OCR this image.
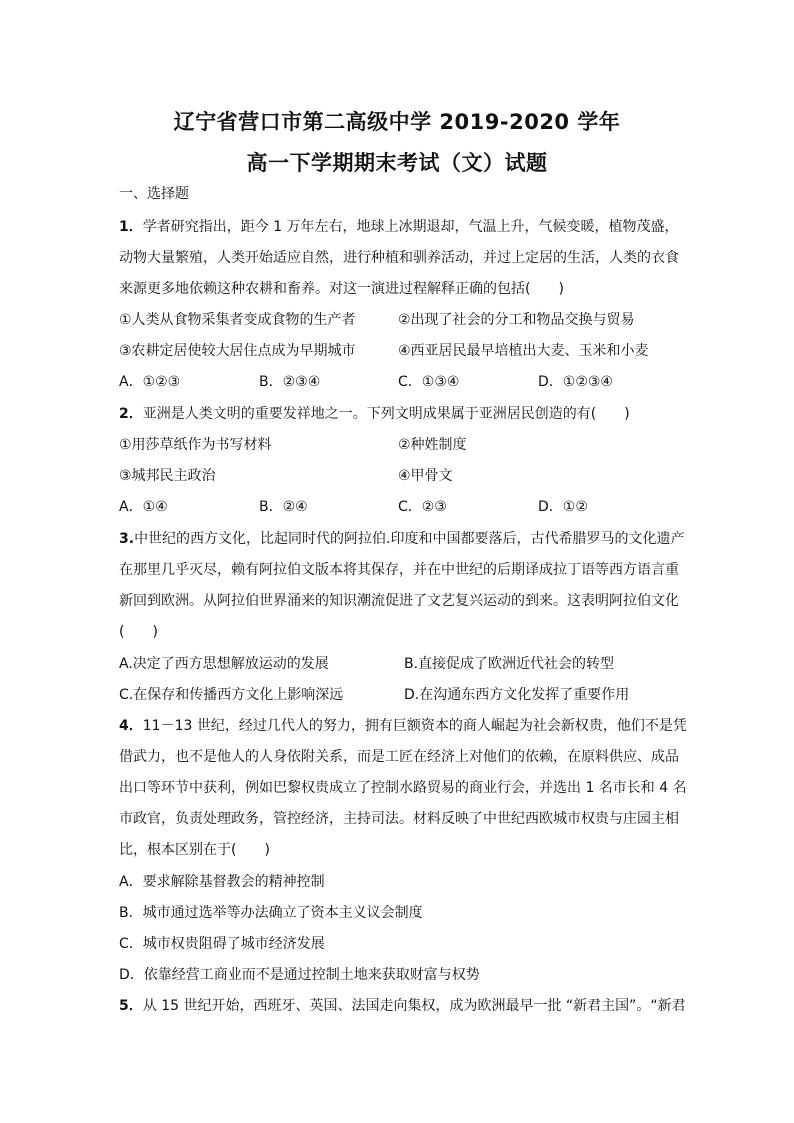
辽宁省营口市第二高级中学 2019-2020 学年
高一下学期期末考试（文）试题
一、选择题
1．学者研究指出，距今 1 万年左右，地球上冰期退却，气温上升，气候变暖，植物茂盛，
动物大量繁殖，人类开始适应自然，进行种植和驯养活动，并过上定居的生活，人类的衣食
来源更多地依赖这种农耕和畜养。对这一演进过程解释正确的包括(　　)
①人类从食物采集者变成食物的生产者	②出现了社会的分工和物品交换与贸易
③农耕定居使较大居住点成为早期城市	④西亚居民最早培植出大麦、玉米和小麦
A．①②③	B．②③④	C．①③④	D．①②③④
2．亚洲是人类文明的重要发祥地之一。下列文明成果属于亚洲居民创造的有(　　)
①用莎草纸作为书写材料	②种姓制度
③城邦民主政治	④甲骨文
A．①④	B．②④	C．②③	D．①②
3.中世纪的西方文化，比起同时代的阿拉伯.印度和中国都要落后，古代希腊罗马的文化遗产
在那里几乎灭尽，赖有阿拉伯文版本将其保存，并在中世纪的后期译成拉丁语等西方语言重
新回到欧洲。从阿拉伯世界涌来的知识潮流促进了文艺复兴运动的到来。这表明阿拉伯文化
(　　)
A.决定了西方思想解放运动的发展	B.直接促成了欧洲近代社会的转型
C.在保存和传播西方文化上影响深远	D.在沟通东西方文化发挥了重要作用
4．11－13 世纪，经过几代人的努力，拥有巨额资本的商人崛起为社会新权贵，他们不是凭
借武力，也不是他人的人身依附关系，而是工匠在经济上对他们的依赖，在原料供应、成品
出口等环节中获利，例如巴黎权贵成立了控制水路贸易的商业行会，并选出 1 名市长和 4 名
市政官，负责处理政务，管控经济，主持司法。材料反映了中世纪西欧城市权贵与庄园主相
比，根本区别在于(　　)
A．要求解除基督教会的精神控制
B．城市通过选举等办法确立了资本主义议会制度
C．城市权贵阻碍了城市经济发展
D．依靠经营工商业而不是通过控制土地来获取财富与权势
5．从 15 世纪开始，西班牙、英国、法国走向集权，成为欧洲最早一批 “新君主国”。“新君
